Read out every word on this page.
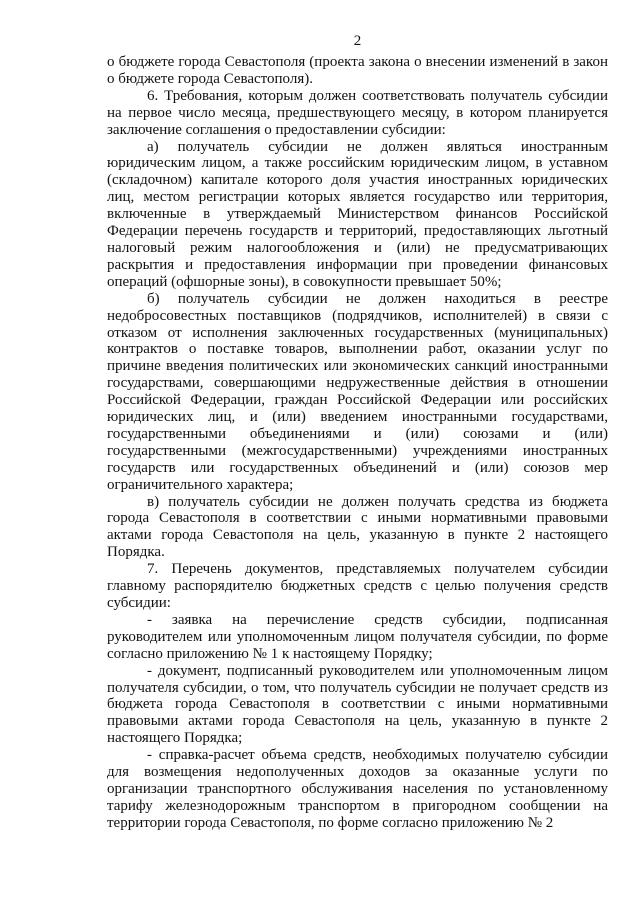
2

о бюджете города Севастополя (проекта закона о внесении изменений в закон о бюджете города Севастополя).

6. Требования, которым должен соответствовать получатель субсидии на первое число месяца, предшествующего месяцу, в котором планируется заключение соглашения о предоставлении субсидии:

а) получатель субсидии не должен являться иностранным юридическим лицом, а также российским юридическим лицом, в уставном (складочном) капитале которого доля участия иностранных юридических лиц, местом регистрации которых является государство или территория, включенные в утверждаемый Министерством финансов Российской Федерации перечень государств и территорий, предоставляющих льготный налоговый режим налогообложения и (или) не предусматривающих раскрытия и предоставления информации при проведении финансовых операций (офшорные зоны), в совокупности превышает 50%;

б) получатель субсидии не должен находиться в реестре недобросовестных поставщиков (подрядчиков, исполнителей) в связи с отказом от исполнения заключенных государственных (муниципальных) контрактов о поставке товаров, выполнении работ, оказании услуг по причине введения политических или экономических санкций иностранными государствами, совершающими недружественные действия в отношении Российской Федерации, граждан Российской Федерации или российских юридических лиц, и (или) введением иностранными государствами, государственными объединениями и (или) союзами и (или) государственными (межгосударственными) учреждениями иностранных государств или государственных объединений и (или) союзов мер ограничительного характера;

в) получатель субсидии не должен получать средства из бюджета города Севастополя в соответствии с иными нормативными правовыми актами города Севастополя на цель, указанную в пункте 2 настоящего Порядка.

7. Перечень документов, представляемых получателем субсидии главному распорядителю бюджетных средств с целью получения средств субсидии:

- заявка на перечисление средств субсидии, подписанная руководителем или уполномоченным лицом получателя субсидии, по форме согласно приложению № 1 к настоящему Порядку;

- документ, подписанный руководителем или уполномоченным лицом получателя субсидии, о том, что получатель субсидии не получает средств из бюджета города Севастополя в соответствии с иными нормативными правовыми актами города Севастополя на цель, указанную в пункте 2 настоящего Порядка;

- справка-расчет объема средств, необходимых получателю субсидии для возмещения недополученных доходов за оказанные услуги по организации транспортного обслуживания населения по установленному тарифу железнодорожным транспортом в пригородном сообщении на территории города Севастополя, по форме согласно приложению № 2
